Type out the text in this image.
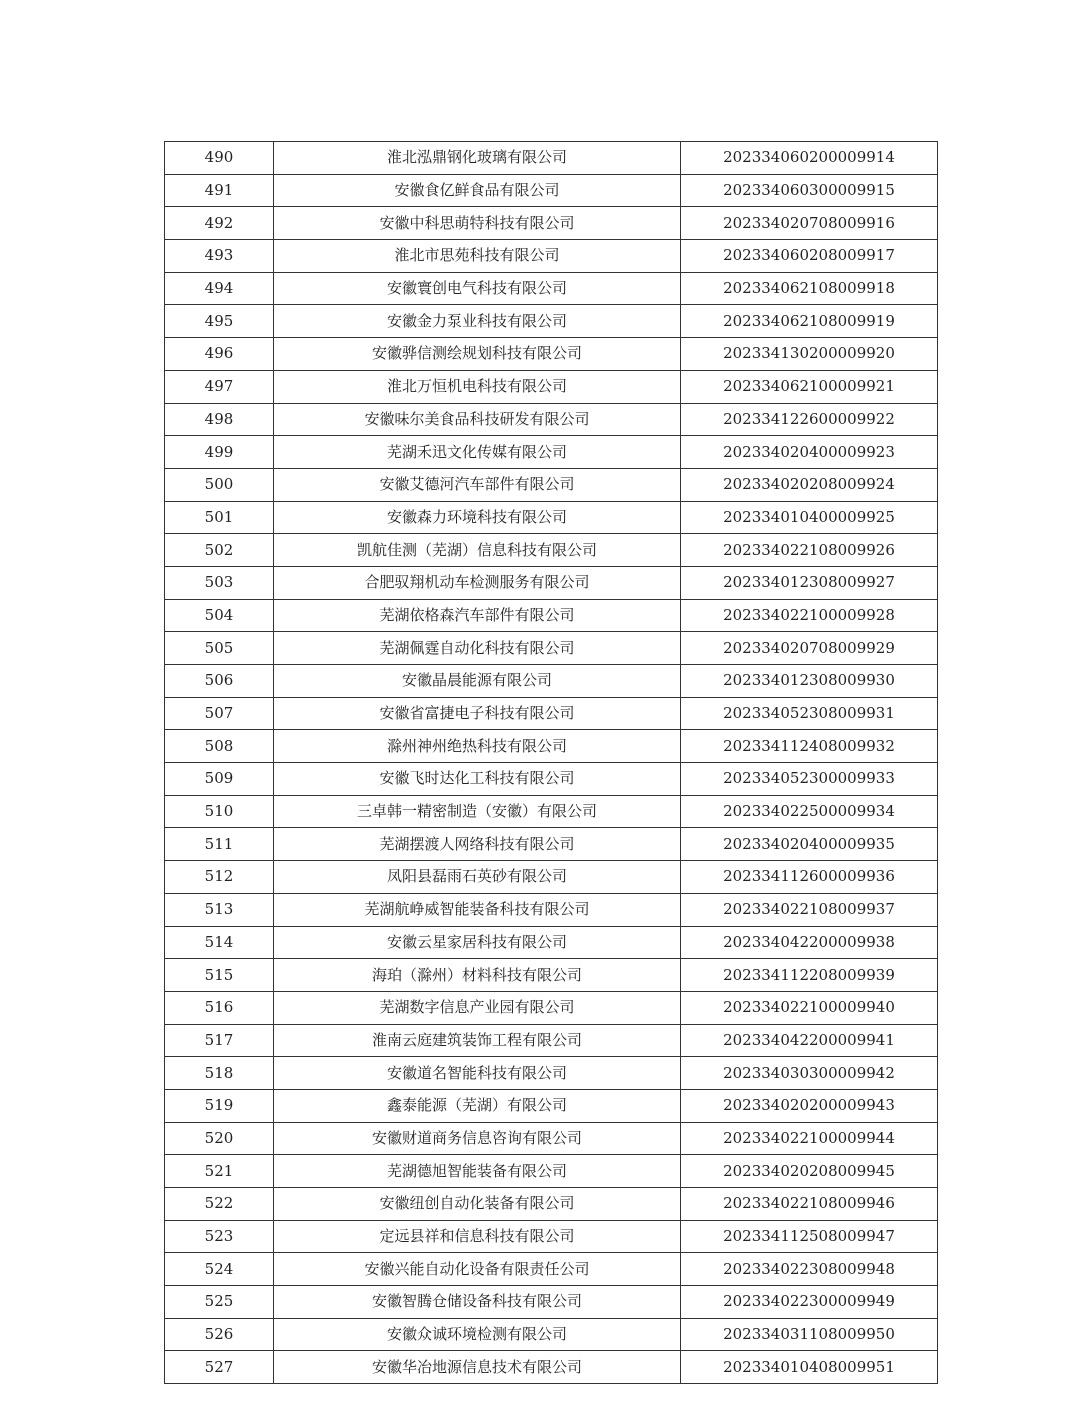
490	淮北泓鼎钢化玻璃有限公司	202334060200009914
491	安徽食亿鲜食品有限公司	202334060300009915
492	安徽中科思萌特科技有限公司	202334020708009916
493	淮北市思苑科技有限公司	202334060208009917
494	安徽寰创电气科技有限公司	202334062108009918
495	安徽金力泵业科技有限公司	202334062108009919
496	安徽骅信测绘规划科技有限公司	202334130200009920
497	淮北万恒机电科技有限公司	202334062100009921
498	安徽味尔美食品科技研发有限公司	202334122600009922
499	芜湖禾迅文化传媒有限公司	202334020400009923
500	安徽艾德河汽车部件有限公司	202334020208009924
501	安徽森力环境科技有限公司	202334010400009925
502	凯航佳测（芜湖）信息科技有限公司	202334022108009926
503	合肥驭翔机动车检测服务有限公司	202334012308009927
504	芜湖依格森汽车部件有限公司	202334022100009928
505	芜湖佩霆自动化科技有限公司	202334020708009929
506	安徽晶晨能源有限公司	202334012308009930
507	安徽省富捷电子科技有限公司	202334052308009931
508	滁州神州绝热科技有限公司	202334112408009932
509	安徽飞时达化工科技有限公司	202334052300009933
510	三卓韩一精密制造（安徽）有限公司	202334022500009934
511	芜湖摆渡人网络科技有限公司	202334020400009935
512	凤阳县磊雨石英砂有限公司	202334112600009936
513	芜湖航峥威智能装备科技有限公司	202334022108009937
514	安徽云星家居科技有限公司	202334042200009938
515	海珀（滁州）材料科技有限公司	202334112208009939
516	芜湖数字信息产业园有限公司	202334022100009940
517	淮南云庭建筑装饰工程有限公司	202334042200009941
518	安徽道名智能科技有限公司	202334030300009942
519	鑫泰能源（芜湖）有限公司	202334020200009943
520	安徽财道商务信息咨询有限公司	202334022100009944
521	芜湖德旭智能装备有限公司	202334020208009945
522	安徽纽创自动化装备有限公司	202334022108009946
523	定远县祥和信息科技有限公司	202334112508009947
524	安徽兴能自动化设备有限责任公司	202334022308009948
525	安徽智腾仓储设备科技有限公司	202334022300009949
526	安徽众诚环境检测有限公司	202334031108009950
527	安徽华冶地源信息技术有限公司	202334010408009951
